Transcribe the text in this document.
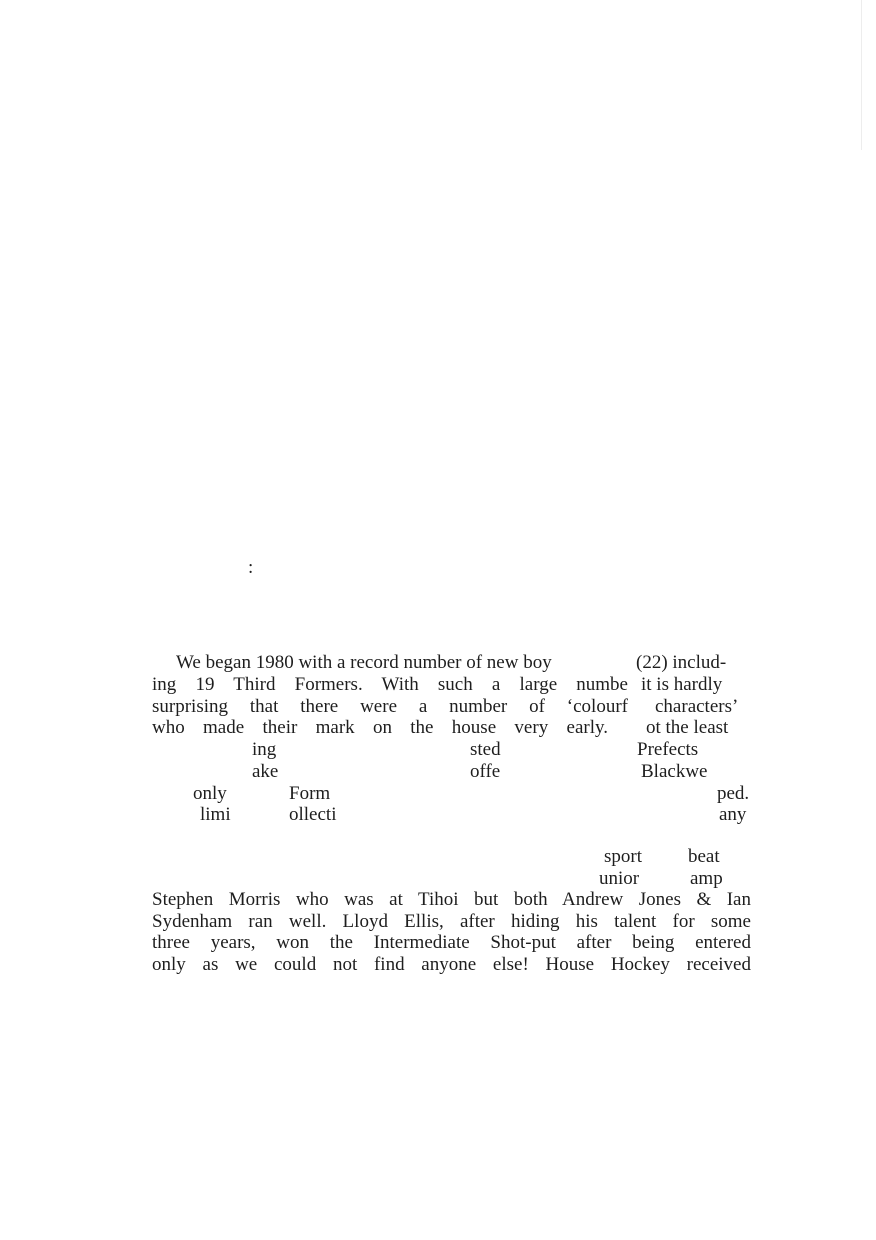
:
We began 1980 with a record number of new boy
ing 19 Third Formers. With such a large numbe
surprising that there were a number of ‘colourf
who made their mark on the house very early.
(22) includ-
it is hardly
characters’
ot the least
ing	sted	Prefects
ake	offe	Blackwe
only	Form	ped.
limi	ollecti	any
sport beat
unior	amp
Stephen Morris who was at Tihoi but both Andrew Jones & Ian
Sydenham ran well. Lloyd Ellis, after hiding his talent for some
three years, won the Intermediate Shot-put after being entered
only as we could not find anyone else! House Hockey received
